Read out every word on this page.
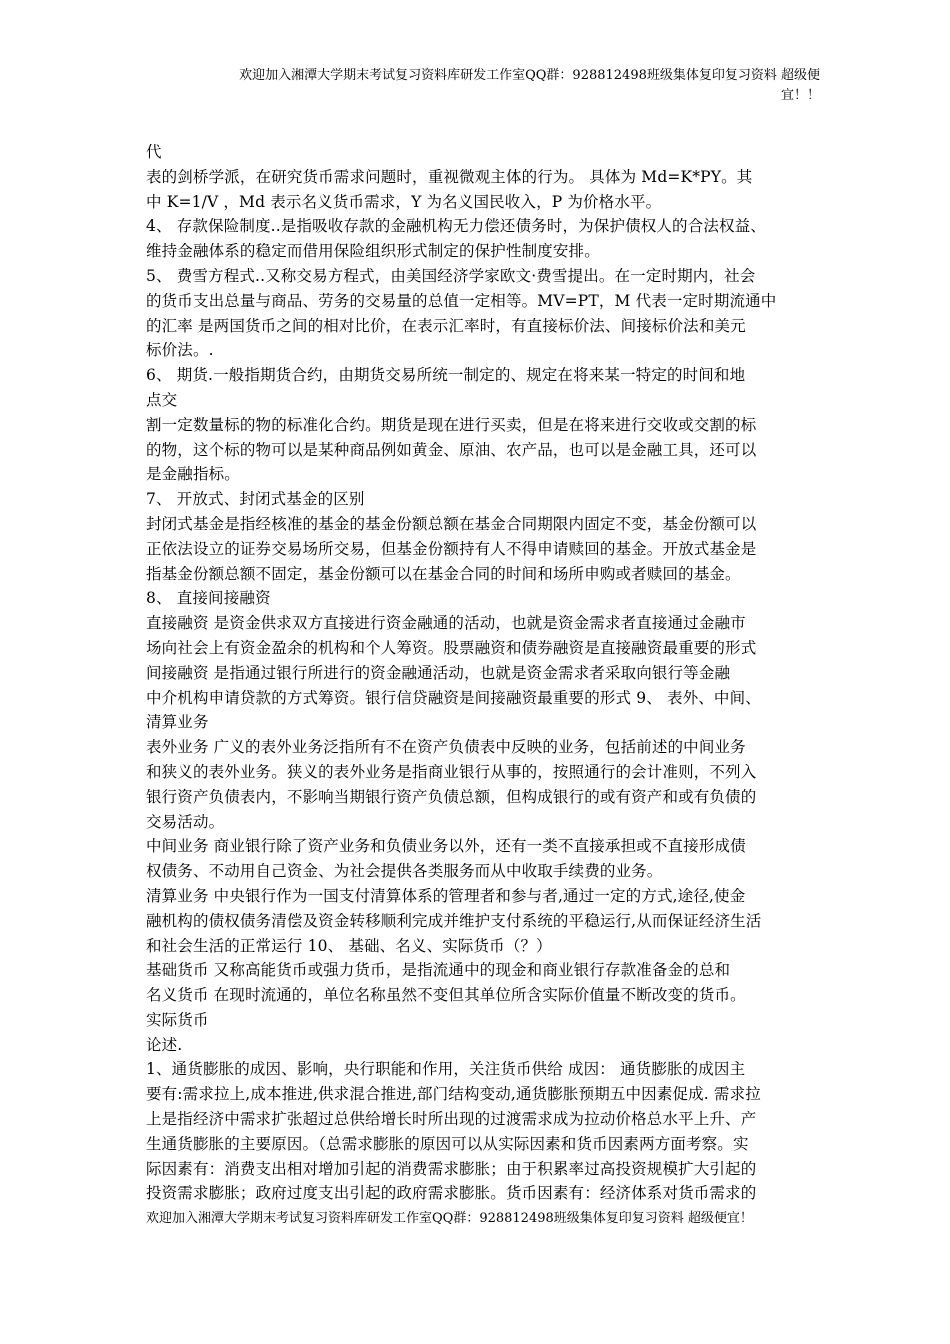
欢迎加入湘潭大学期末考试复习资料库研发工作室QQ群：928812498班级集体复印复习资料 超级便
宜！！
代
表的剑桥学派，在研究货币需求问题时，重视微观主体的行为。 具体为 Md=K*PY。其
中 K=1/V ，Md 表示名义货币需求，Y 为名义国民收入，P 为价格水平。
4、 存款保险制度..是指吸收存款的金融机构无力偿还债务时，为保护债权人的合法权益、
维持金融体系的稳定而借用保险组织形式制定的保护性制度安排。
5、 费雪方程式..又称交易方程式，由美国经济学家欧文·费雪提出。在一定时期内，社会
的货币支出总量与商品、劳务的交易量的总值一定相等。MV=PT，M 代表一定时期流通中
的汇率 是两国货币之间的相对比价，在表示汇率时，有直接标价法、间接标价法和美元
标价法。.
6、 期货.一般指期货合约，由期货交易所统一制定的、规定在将来某一特定的时间和地
点交
割一定数量标的物的标准化合约。期货是现在进行买卖，但是在将来进行交收或交割的标
的物，这个标的物可以是某种商品例如黄金、原油、农产品，也可以是金融工具，还可以
是金融指标。
7、 开放式、封闭式基金的区别
封闭式基金是指经核准的基金的基金份额总额在基金合同期限内固定不变，基金份额可以
正依法设立的证券交易场所交易，但基金份额持有人不得申请赎回的基金。开放式基金是
指基金份额总额不固定，基金份额可以在基金合同的时间和场所申购或者赎回的基金。
8、 直接间接融资
直接融资 是资金供求双方直接进行资金融通的活动，也就是资金需求者直接通过金融市
场向社会上有资金盈余的机构和个人筹资。股票融资和债券融资是直接融资最重要的形式
间接融资 是指通过银行所进行的资金融通活动，也就是资金需求者采取向银行等金融
中介机构申请贷款的方式筹资。银行信贷融资是间接融资最重要的形式 9、 表外、中间、
清算业务
表外业务 广义的表外业务泛指所有不在资产负债表中反映的业务，包括前述的中间业务
和狭义的表外业务。狭义的表外业务是指商业银行从事的，按照通行的会计准则，不列入
银行资产负债表内，不影响当期银行资产负债总额，但构成银行的或有资产和或有负债的
交易活动。
中间业务 商业银行除了资产业务和负债业务以外，还有一类不直接承担或不直接形成债
权债务、不动用自己资金、为社会提供各类服务而从中收取手续费的业务。
清算业务 中央银行作为一国支付清算体系的管理者和参与者,通过一定的方式,途径,使金
融机构的债权债务清偿及资金转移顺利完成并维护支付系统的平稳运行,从而保证经济生活
和社会生活的正常运行 10、 基础、名义、实际货币（？）
基础货币 又称高能货币或强力货币，是指流通中的现金和商业银行存款准备金的总和
名义货币 在现时流通的，单位名称虽然不变但其单位所含实际价值量不断改变的货币。
实际货币
论述.
1、通货膨胀的成因、影响，央行职能和作用，关注货币供给 成因： 通货膨胀的成因主
要有:需求拉上,成本推进,供求混合推进,部门结构变动,通货膨胀预期五中因素促成. 需求拉
上是指经济中需求扩张超过总供给增长时所出现的过渡需求成为拉动价格总水平上升、产
生通货膨胀的主要原因。（总需求膨胀的原因可以从实际因素和货币因素两方面考察。实
际因素有：消费支出相对增加引起的消费需求膨胀；由于积累率过高投资规模扩大引起的
投资需求膨胀；政府过度支出引起的政府需求膨胀。货币因素有：经济体系对货币需求的
欢迎加入湘潭大学期末考试复习资料库研发工作室QQ群：928812498班级集体复印复习资料 超级便宜！
